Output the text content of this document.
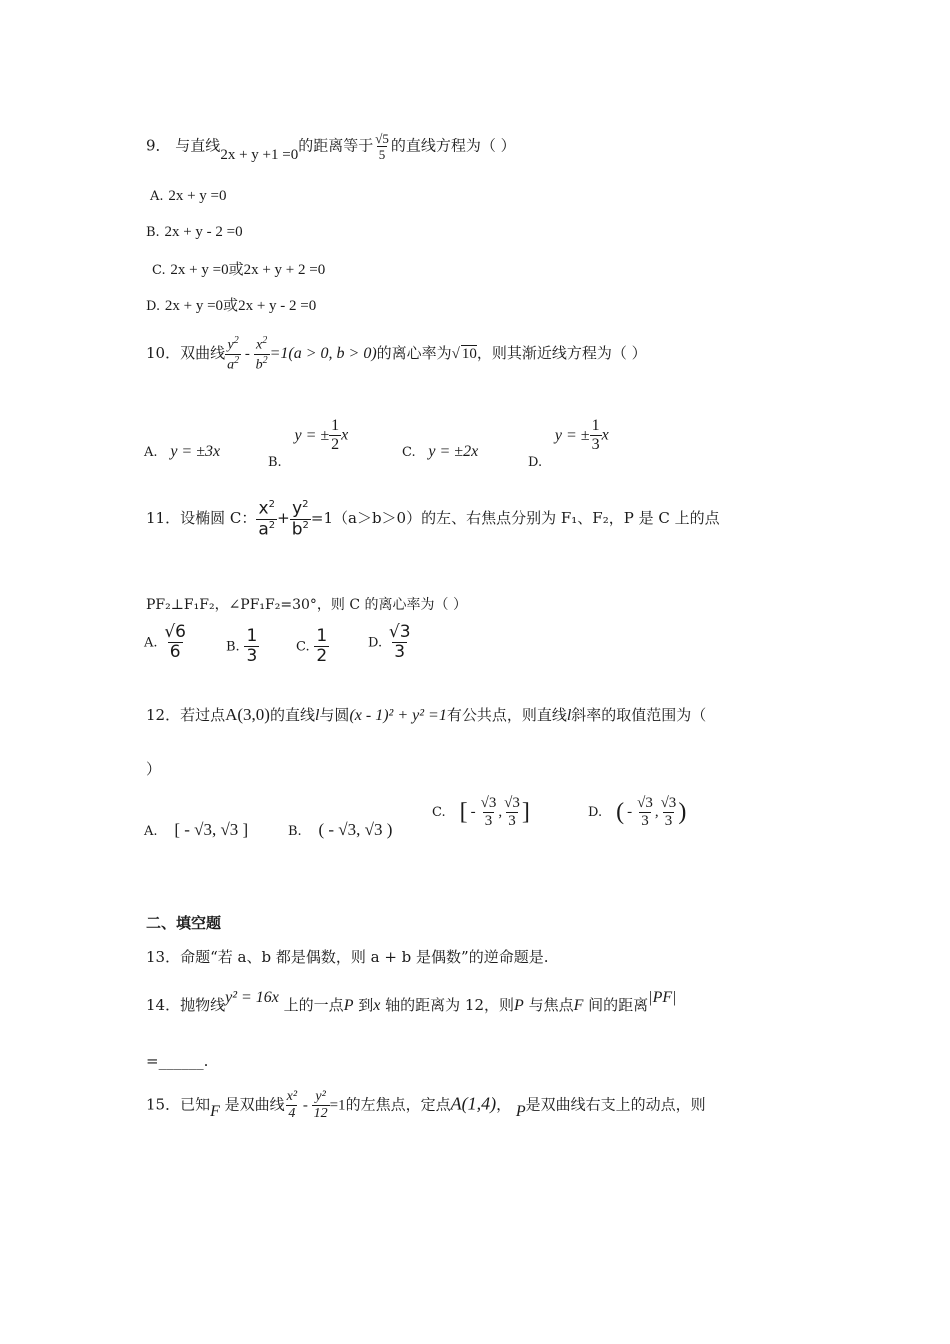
9． 与直线2x + y +1 =0的距离等于 $\frac{√5}{5}$ 的直线方程为（ ）
A. 2x + y =0
B. 2x + y - 2 =0
C. 2x + y =0或2x + y + 2 =0
D. 2x + y =0或2x + y - 2 =0
10．双曲线 $\frac{y^2}{a^2} - \frac{x^2}{b^2} =1(a > 0$, b > 0)的离心率为√ 10，则其渐近线方程为（ ）
A. y = ±3x
B. y = ± $\frac{1}{2}$ x
C. y = ±2x
D. y = ± $\frac{1}{3}$ x
11．设椭圆 C： $\frac{x^2}{a^2} + \frac{y^2}{b^2} =1(a>b>0)$的左、右焦点分别为 F₁、F₂，P 是 C 上的点
PF₂⊥F₁F₂，∠PF₁F₂=30°，则 C 的离心率为（ ）
A. $\frac{√6}{6}$	B. $\frac{1}{3}$	C. $\frac{1}{2}$	D. $\frac{√3}{3}$
12．若过点A(3,0)的直线l与圆(x - 1)² + y² =1有公共点，则直线l斜率的取值范围为（
）
A. [ - √3, √3 ]	B. ( - √3, √3 )
C. [ - $\frac{√3}{3}$ , $\frac{√3}{3}$ ]	D. ( - $\frac{√3}{3}$ , $\frac{√3}{3}$ )
二、填空题
13．命题“若 a、b 都是偶数，则 a + b 是偶数”的逆命题是.
14．抛物线y² = 16x 上的一点P 到x 轴的距离为 12，则P 与焦点F 间的距离|PF|
=______.
15．已知F 是双曲线 $\frac{\text{x²}}{4} - \frac{\text{y²}}{12} =1$的左焦点，定点A(1,4)， P是双曲线右支上的动点，则
